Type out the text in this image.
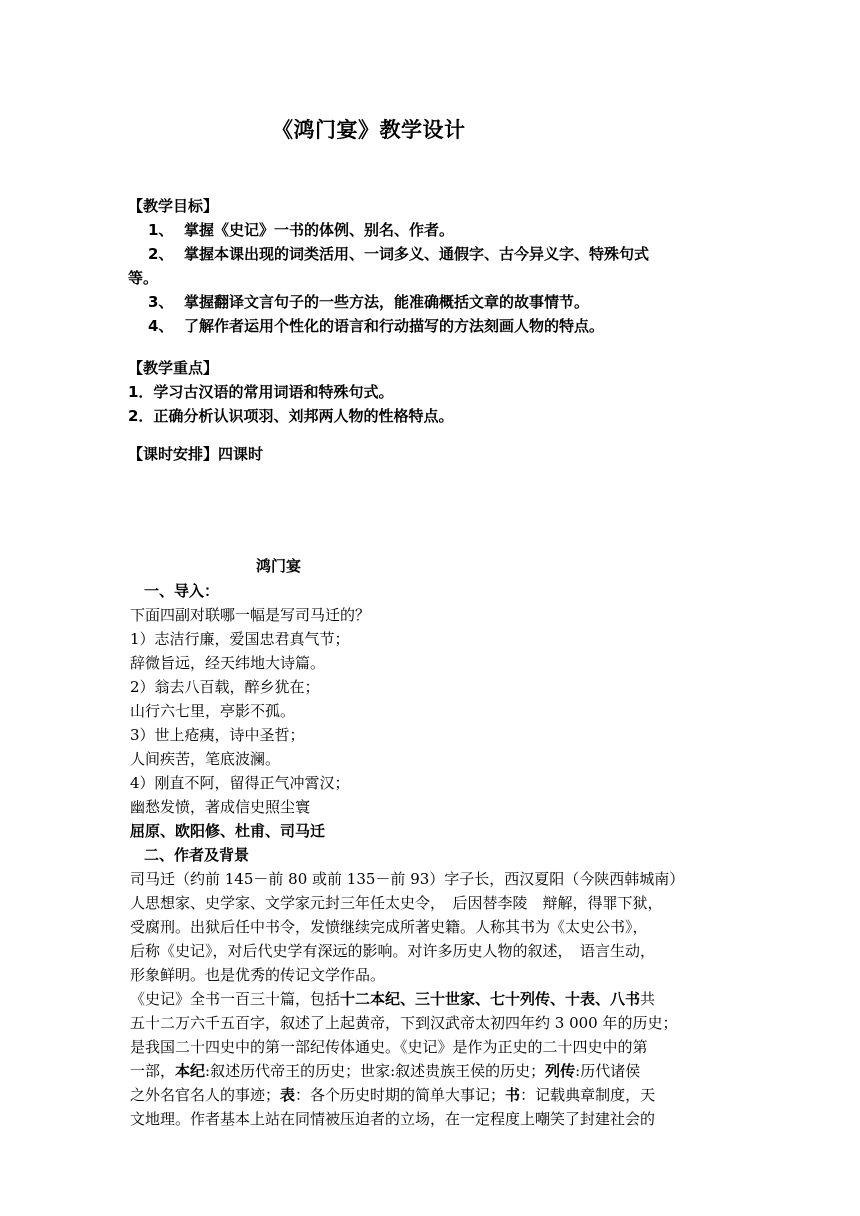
《鸿门宴》教学设计
【教学目标】
1、 掌握《史记》一书的体例、别名、作者。
2、 掌握本课出现的词类活用、一词多义、通假字、古今异义字、特殊句式
等。
3、 掌握翻译文言句子的一些方法，能准确概括文章的故事情节。
4、 了解作者运用个性化的语言和行动描写的方法刻画人物的特点。
【教学重点】
1．学习古汉语的常用词语和特殊句式。
2．正确分析认识项羽、刘邦两人物的性格特点。
【课时安排】四课时
鸿门宴
一、导入：
下面四副对联哪一幅是写司马迁的？
1）志洁行廉，爱国忠君真气节；
辞微旨远，经天纬地大诗篇。
2）翁去八百载，醉乡犹在；
山行六七里，亭影不孤。
3）世上疮痍，诗中圣哲；
人间疾苦，笔底波澜。
4）刚直不阿，留得正气冲霄汉；
幽愁发愤，著成信史照尘寰
屈原、欧阳修、杜甫、司马迁
二、作者及背景
司马迁（约前 145－前 80 或前 135－前 93）字子长，西汉夏阳（今陕西韩城南）
人思想家、史学家、文学家元封三年任太史令，　后因替李陵　辩解，得罪下狱，
受腐刑。出狱后任中书令，发愤继续完成所著史籍。人称其书为《太史公书》，
后称《史记》，对后代史学有深远的影响。对许多历史人物的叙述，　语言生动，
形象鲜明。也是优秀的传记文学作品。
《史记》全书一百三十篇，包括十二本纪、三十世家、七十列传、十表、八书共
五十二万六千五百字，叙述了上起黄帝，下到汉武帝太初四年约 3 000 年的历史；
是我国二十四史中的第一部纪传体通史。《史记》是作为正史的二十四史中的第
一部，本纪:叙述历代帝王的历史；世家:叙述贵族王侯的历史；列传:历代诸侯
之外名官名人的事迹；表：各个历史时期的简单大事记；书：记载典章制度，天
文地理。作者基本上站在同情被压迫者的立场，在一定程度上嘲笑了封建社会的
